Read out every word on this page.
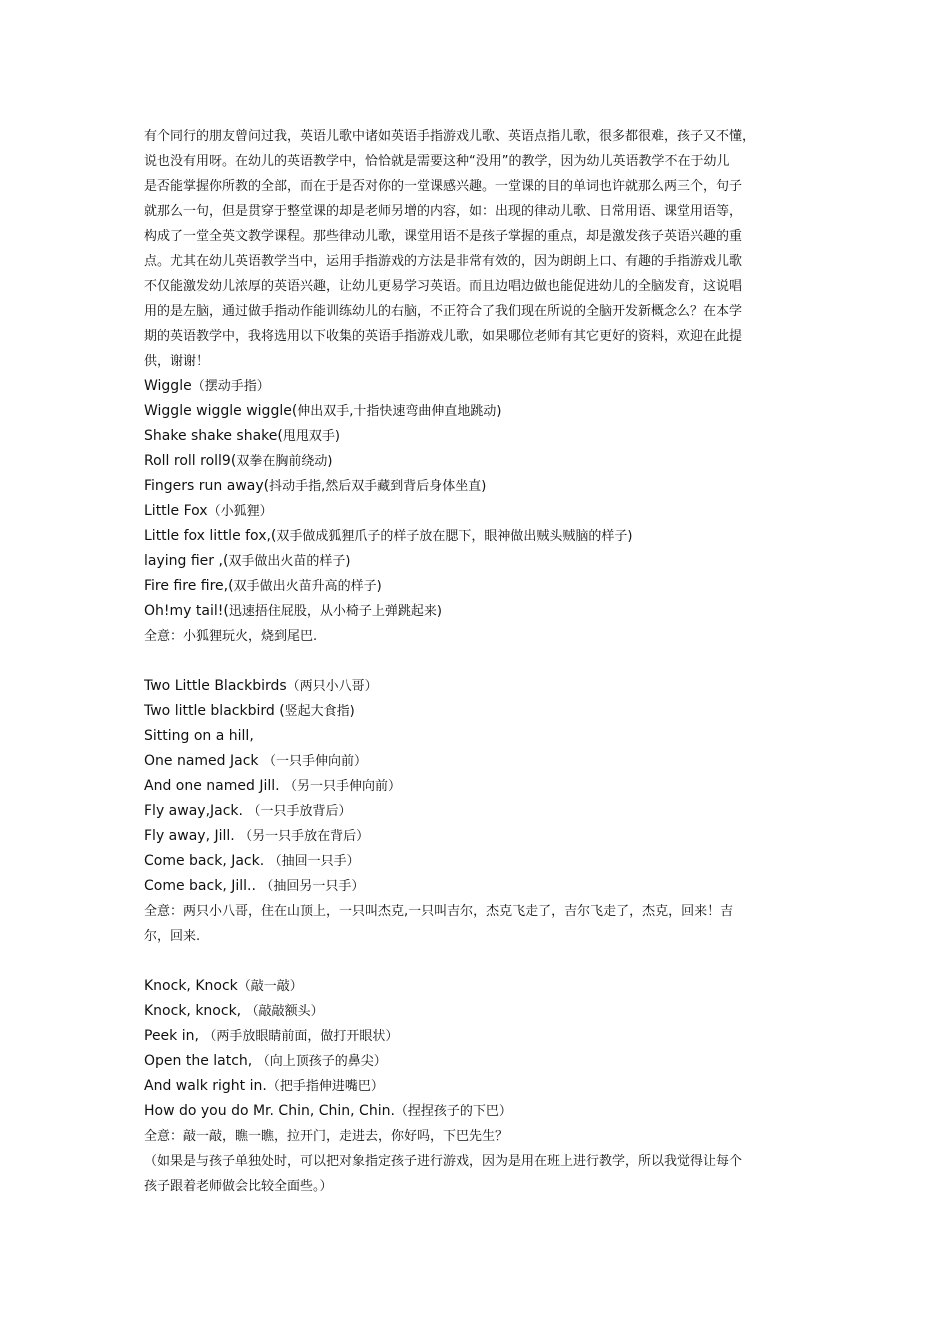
有个同行的朋友曾问过我，英语儿歌中诸如英语手指游戏儿歌、英语点指儿歌，很多都很难，孩子又不懂，

说也没有用呀。在幼儿的英语教学中，恰恰就是需要这种“没用”的教学，因为幼儿英语教学不在于幼儿

是否能掌握你所教的全部，而在于是否对你的一堂课感兴趣。一堂课的目的单词也许就那么两三个，句子

就那么一句，但是贯穿于整堂课的却是老师另增的内容，如：出现的律动儿歌、日常用语、课堂用语等，

构成了一堂全英文教学课程。那些律动儿歌，课堂用语不是孩子掌握的重点，却是激发孩子英语兴趣的重

点。尤其在幼儿英语教学当中，运用手指游戏的方法是非常有效的，因为朗朗上口、有趣的手指游戏儿歌

不仅能激发幼儿浓厚的英语兴趣，让幼儿更易学习英语。而且边唱边做也能促进幼儿的全脑发育，这说唱

用的是左脑，通过做手指动作能训练幼儿的右脑，不正符合了我们现在所说的全脑开发新概念么？在本学

期的英语教学中，我将选用以下收集的英语手指游戏儿歌，如果哪位老师有其它更好的资料，欢迎在此提

供，谢谢！

Wiggle（摆动手指）
Wiggle wiggle wiggle(伸出双手,十指快速弯曲伸直地跳动)
Shake shake shake(甩甩双手)
Roll roll roll9(双拳在胸前绕动)
Fingers run away(抖动手指,然后双手藏到背后身体坐直)
Little Fox（小狐狸）
Little fox little fox,(双手做成狐狸爪子的样子放在腮下，眼神做出贼头贼脑的样子)
laying fier ,(双手做出火苗的样子)
Fire fire fire,(双手做出火苗升高的样子)
Oh!my tail!(迅速捂住屁股，从小椅子上弹跳起来)

全意：小狐狸玩火，烧到尾巴.

Two Little Blackbirds（两只小八哥）
Two little blackbird (竖起大食指)
Sitting on a hill,
One named Jack （一只手伸向前）
And one named Jill. （另一只手伸向前）
Fly away,Jack. （一只手放背后）
Fly away, Jill. （另一只手放在背后）
Come back, Jack. （抽回一只手）
Come back, Jill.. （抽回另一只手）

全意：两只小八哥，住在山顶上，一只叫杰克,一只叫吉尔，杰克飞走了，吉尔飞走了，杰克，回来！吉

尔，回来.

Knock, Knock（敲一敲）
Knock, knock, （敲敲额头）
Peek in, （两手放眼睛前面，做打开眼状）
Open the latch, （向上顶孩子的鼻尖）
And walk right in.（把手指伸进嘴巴）
How do you do Mr. Chin, Chin, Chin.（捏捏孩子的下巴）

全意：敲一敲，瞧一瞧，拉开门，走进去，你好吗，下巴先生？

（如果是与孩子单独处时，可以把对象指定孩子进行游戏，因为是用在班上进行教学，所以我觉得让每个

孩子跟着老师做会比较全面些。）
